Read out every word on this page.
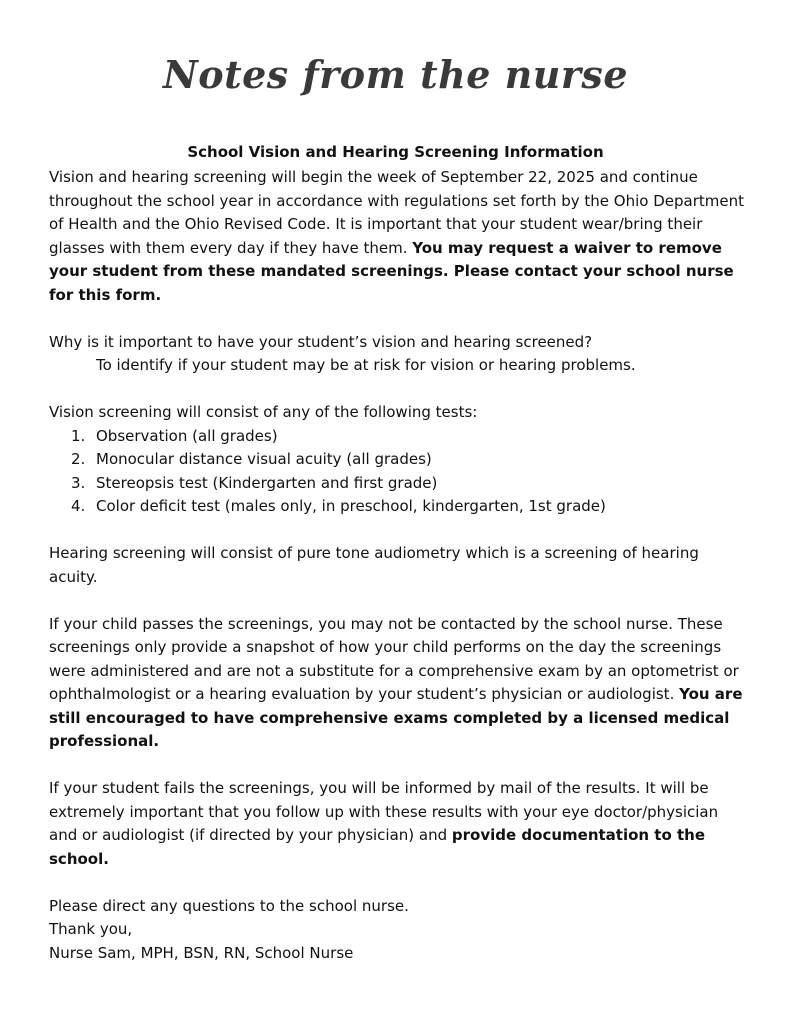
Notes from the nurse
School Vision and Hearing Screening Information

Vision and hearing screening will begin the week of September 22, 2025 and continue throughout the school year in accordance with regulations set forth by the Ohio Department of Health and the Ohio Revised Code. It is important that your student wear/bring their glasses with them every day if they have them. You may request a waiver to remove your student from these mandated screenings. Please contact your school nurse for this form.

Why is it important to have your student’s vision and hearing screened?

To identify if your student may be at risk for vision or hearing problems.

Vision screening will consist of any of the following tests:

1. Observation (all grades)
2. Monocular distance visual acuity (all grades)
3. Stereopsis test (Kindergarten and first grade)
4. Color deficit test (males only, in preschool, kindergarten, 1st grade)

Hearing screening will consist of pure tone audiometry which is a screening of hearing acuity.

If your child passes the screenings, you may not be contacted by the school nurse. These screenings only provide a snapshot of how your child performs on the day the screenings were administered and are not a substitute for a comprehensive exam by an optometrist or ophthalmologist or a hearing evaluation by your student’s physician or audiologist. You are still encouraged to have comprehensive exams completed by a licensed medical professional.

If your student fails the screenings, you will be informed by mail of the results. It will be extremely important that you follow up with these results with your eye doctor/physician and or audiologist (if directed by your physician) and provide documentation to the school.

Please direct any questions to the school nurse.

Thank you,

Nurse Sam, MPH, BSN, RN, School Nurse
